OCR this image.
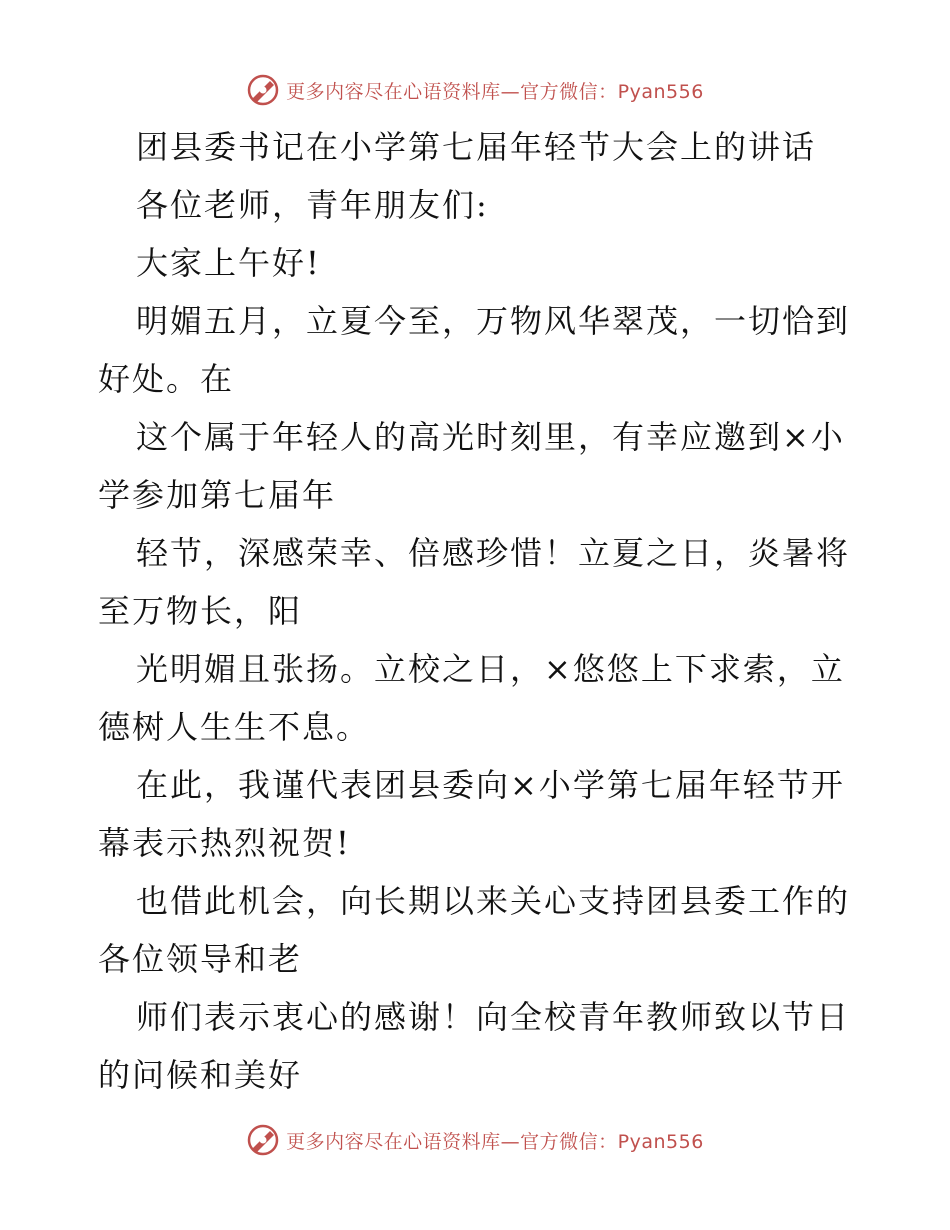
更多内容尽在心语资料库—官方微信：Pyan556

团县委书记在小学第七届年轻节大会上的讲话

各位老师，青年朋友们:

大家上午好!

明媚五月，立夏今至，万物风华翠茂，一切恰到好处。在

这个属于年轻人的高光时刻里，有幸应邀到×小学参加第七届年

轻节，深感荣幸、倍感珍惜！立夏之日，炎暑将至万物长，阳

光明媚且张扬。立校之日，×悠悠上下求索，立德树人生生不息。

在此，我谨代表团县委向×小学第七届年轻节开幕表示热烈祝贺!

也借此机会，向长期以来关心支持团县委工作的各位领导和老

师们表示衷心的感谢！向全校青年教师致以节日的问候和美好

更多内容尽在心语资料库—官方微信：Pyan556
